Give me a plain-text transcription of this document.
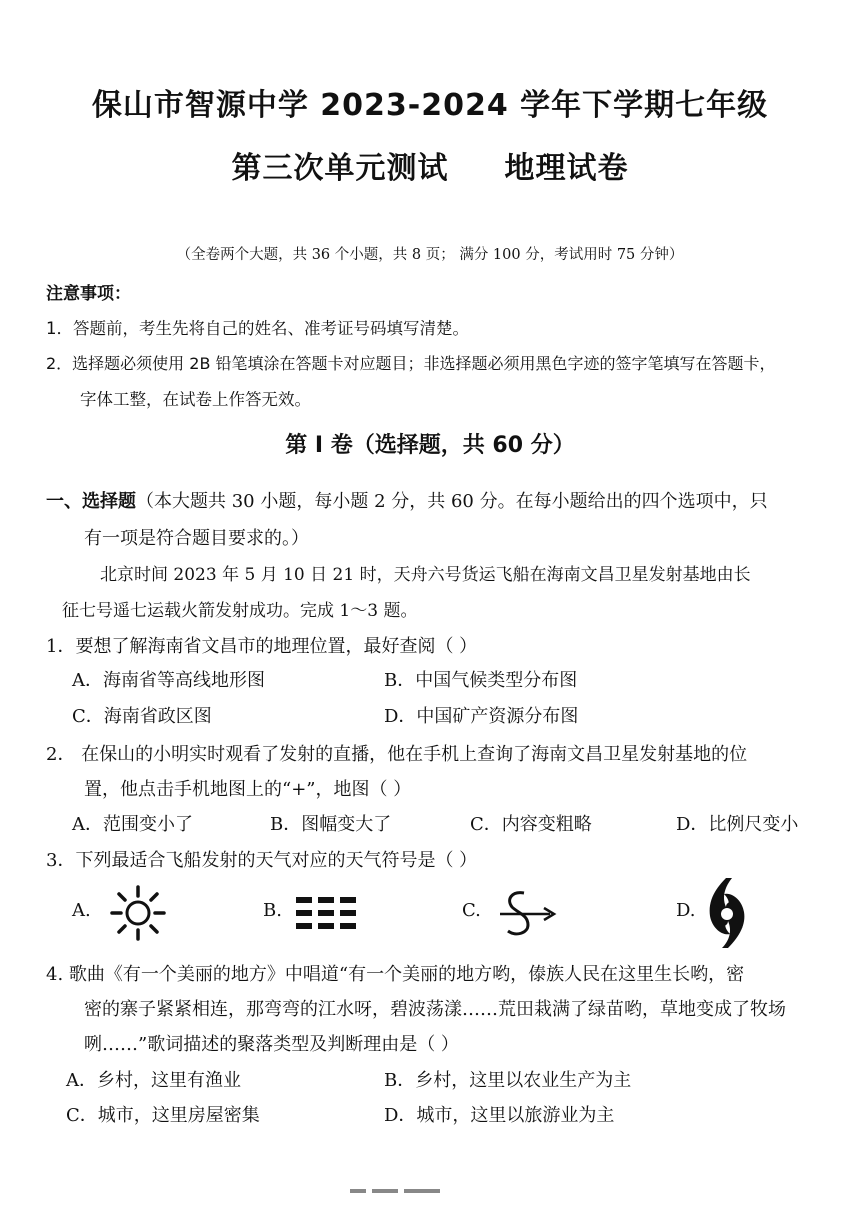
保山市智源中学 2023-2024 学年下学期七年级
第三次单元测试 地理试卷
（全卷两个大题，共 36 个小题，共 8 页； 满分 100 分，考试用时 75 分钟）
注意事项：
1．答题前，考生先将自己的姓名、准考证号码填写清楚。
2．选择题必须使用 2B 铅笔填涂在答题卡对应题目；非选择题必须用黑色字迹的签字笔填写在答题卡，
字体工整，在试卷上作答无效。
第 I 卷（选择题，共 60 分）
一、选择题（本大题共 30 小题，每小题 2 分，共 60 分。在每小题给出的四个选项中，只
有一项是符合题目要求的。）
北京时间 2023 年 5 月 10 日 21 时，天舟六号货运飞船在海南文昌卫星发射基地由长
征七号遥七运载火箭发射成功。完成 1～3 题。
1．要想了解海南省文昌市的地理位置，最好查阅（ ）
A．海南省等高线地形图	B．中国气候类型分布图
C．海南省政区图	D．中国矿产资源分布图
2． 在保山的小明实时观看了发射的直播，他在手机上查询了海南文昌卫星发射基地的位
置，他点击手机地图上的“+”，地图（ ）
A．范围变小了	B．图幅变大了	C．内容变粗略	D．比例尺变小
3．下列最适合飞船发射的天气对应的天气符号是（ ）
A.	B.	C.	D.
4. 歌曲《有一个美丽的地方》中唱道“有一个美丽的地方哟，傣族人民在这里生长哟，密
密的寨子紧紧相连，那弯弯的江水呀，碧波荡漾……荒田栽满了绿苗哟，草地变成了牧场
咧……”歌词描述的聚落类型及判断理由是（ ）
A．乡村，这里有渔业	B．乡村，这里以农业生产为主
C．城市，这里房屋密集	D．城市，这里以旅游业为主
